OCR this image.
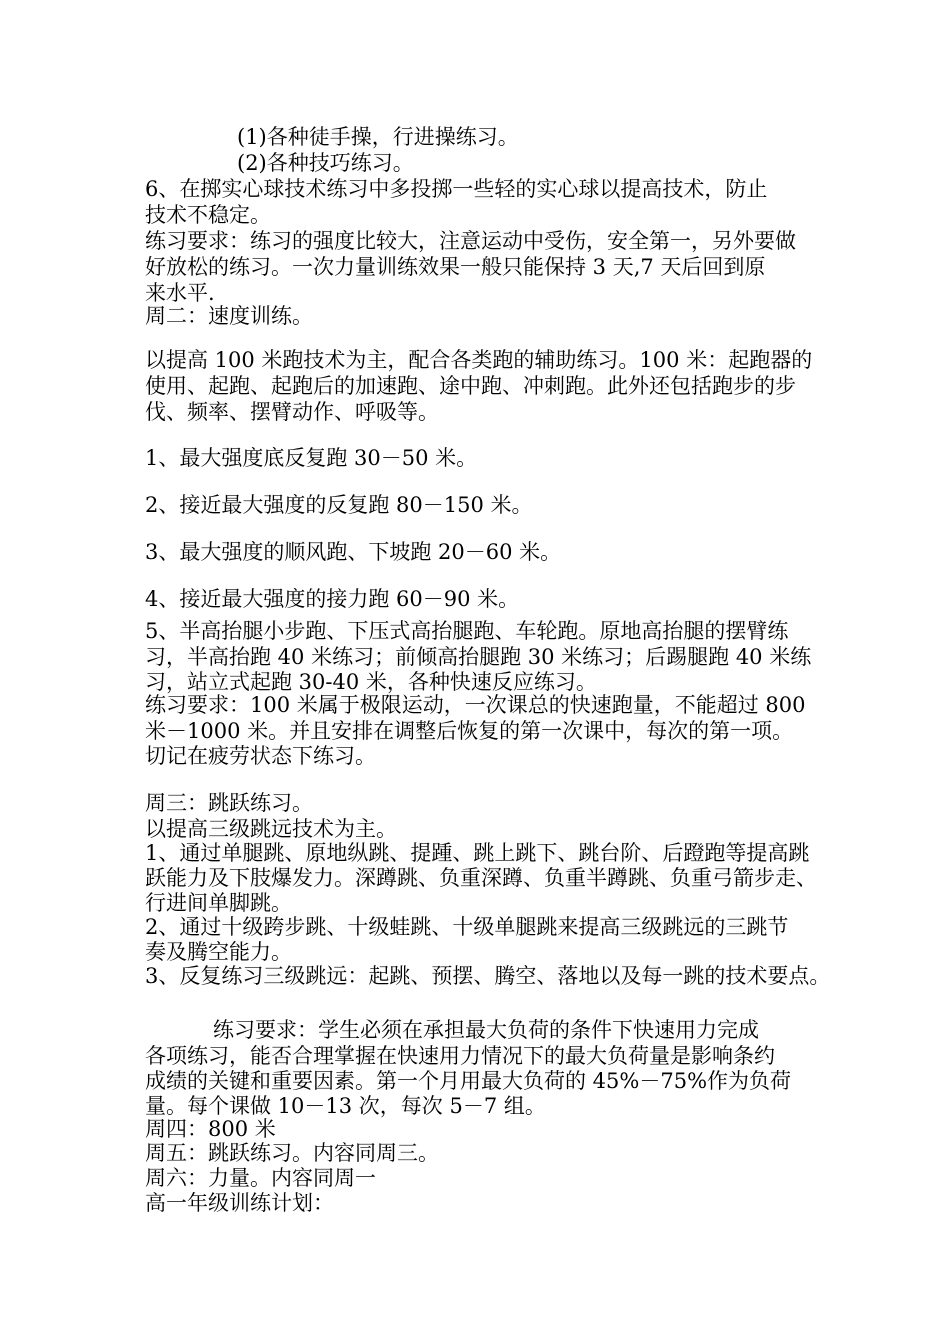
(1)各种徒手操，行进操练习。
(2)各种技巧练习。
6、在掷实心球技术练习中多投掷一些轻的实心球以提高技术，防止
技术不稳定。
练习要求：练习的强度比较大，注意运动中受伤，安全第一，另外要做
好放松的练习。一次力量训练效果一般只能保持 3 天,7 天后回到原
来水平.
周二：速度训练。
以提高 100 米跑技术为主，配合各类跑的辅助练习。100 米：起跑器的
使用、起跑、起跑后的加速跑、途中跑、冲刺跑。此外还包括跑步的步
伐、频率、摆臂动作、呼吸等。
1、最大强度底反复跑 30－50 米。
2、接近最大强度的反复跑 80－150 米。
3、最大强度的顺风跑、下坡跑 20－60 米。
4、接近最大强度的接力跑 60－90 米。
5、半高抬腿小步跑、下压式高抬腿跑、车轮跑。原地高抬腿的摆臂练
习，半高抬跑 40 米练习；前倾高抬腿跑 30 米练习；后踢腿跑 40 米练
习，站立式起跑 30-40 米，各种快速反应练习。
练习要求：100 米属于极限运动，一次课总的快速跑量，不能超过 800
米－1000 米。并且安排在调整后恢复的第一次课中，每次的第一项。
切记在疲劳状态下练习。
周三：跳跃练习。
以提高三级跳远技术为主。
1、通过单腿跳、原地纵跳、提踵、跳上跳下、跳台阶、后蹬跑等提高跳
跃能力及下肢爆发力。深蹲跳、负重深蹲、负重半蹲跳、负重弓箭步走、
行进间单脚跳。
2、通过十级跨步跳、十级蛙跳、十级单腿跳来提高三级跳远的三跳节
奏及腾空能力。
3、反复练习三级跳远：起跳、预摆、腾空、落地以及每一跳的技术要点。
练习要求：学生必须在承担最大负荷的条件下快速用力完成
各项练习，能否合理掌握在快速用力情况下的最大负荷量是影响条约
成绩的关键和重要因素。第一个月用最大负荷的 45%－75%作为负荷
量。每个课做 10－13 次，每次 5－7 组。
周四：800 米
周五：跳跃练习。内容同周三。
周六：力量。内容同周一
高一年级训练计划：
